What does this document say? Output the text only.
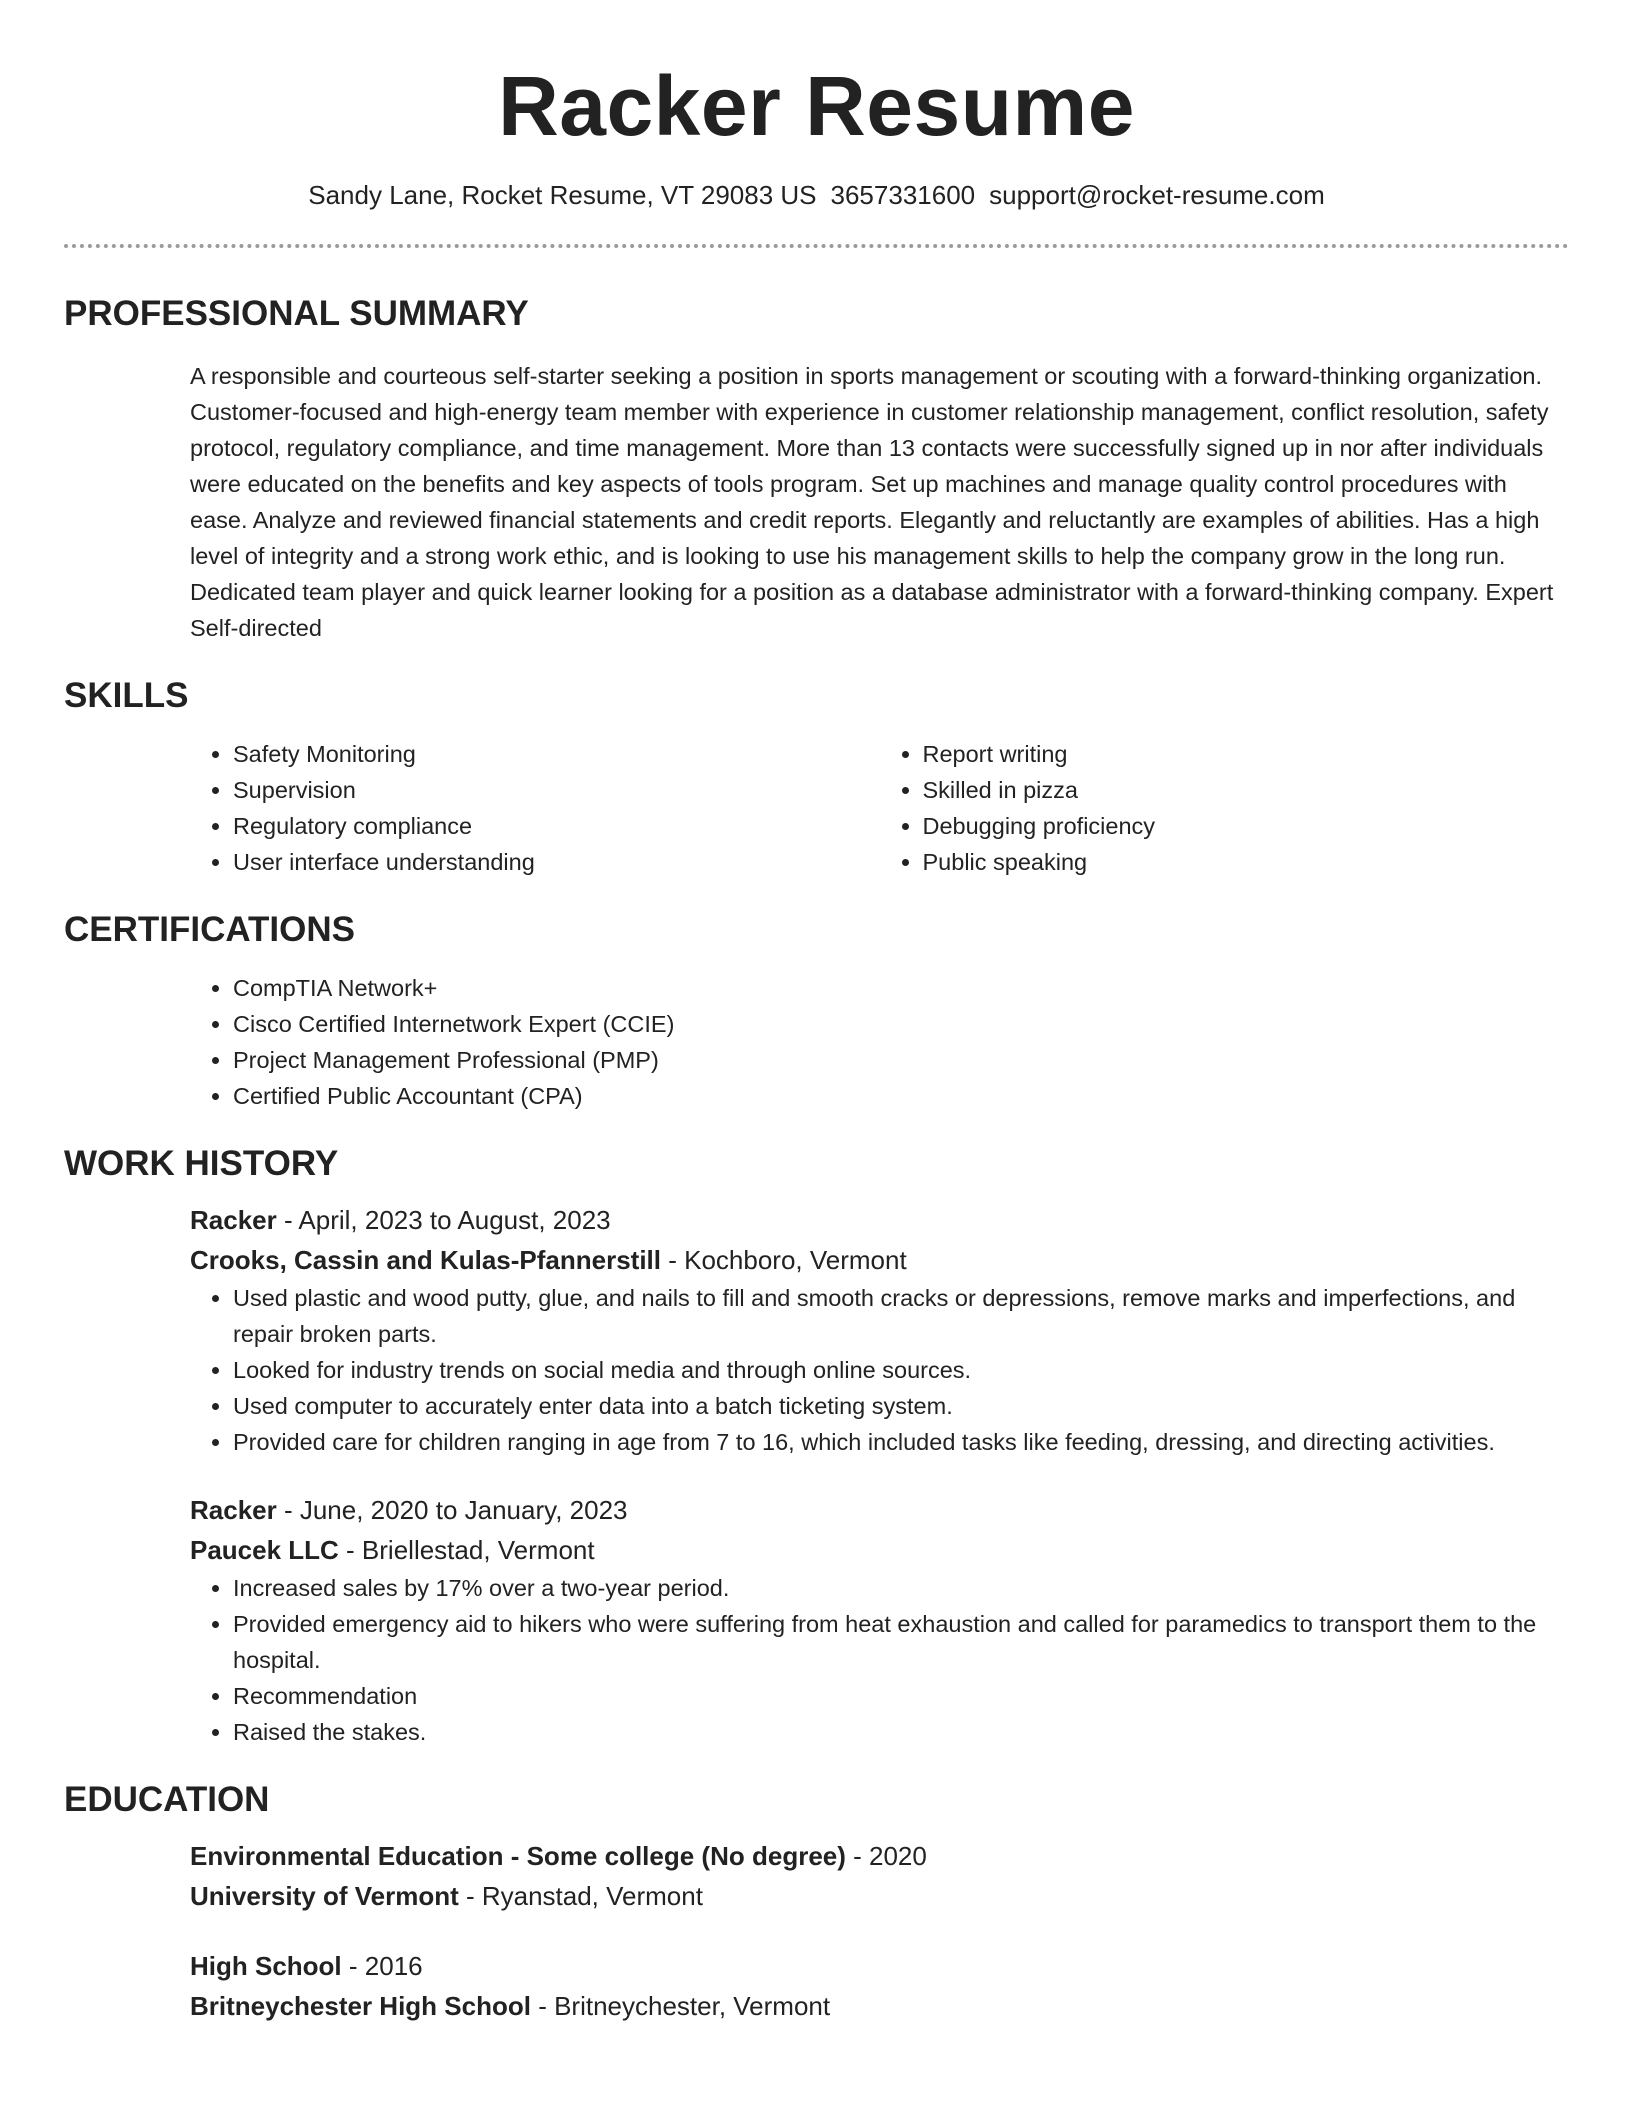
Racker Resume
Sandy Lane, Rocket Resume, VT 29083 US 3657331600 support@rocket-resume.com
PROFESSIONAL SUMMARY
A responsible and courteous self-starter seeking a position in sports management or scouting with a forward-thinking organization. Customer-focused and high-energy team member with experience in customer relationship management, conflict resolution, safety protocol, regulatory compliance, and time management. More than 13 contacts were successfully signed up in nor after individuals were educated on the benefits and key aspects of tools program. Set up machines and manage quality control procedures with ease. Analyze and reviewed financial statements and credit reports. Elegantly and reluctantly are examples of abilities. Has a high level of integrity and a strong work ethic, and is looking to use his management skills to help the company grow in the long run. Dedicated team player and quick learner looking for a position as a database administrator with a forward-thinking company. Expert Self-directed
SKILLS
• Safety Monitoring
• Supervision
• Regulatory compliance
• User interface understanding
• Report writing
• Skilled in pizza
• Debugging proficiency
• Public speaking
CERTIFICATIONS
• CompTIA Network+
• Cisco Certified Internetwork Expert (CCIE)
• Project Management Professional (PMP)
• Certified Public Accountant (CPA)
WORK HISTORY
Racker - April, 2023 to August, 2023
Crooks, Cassin and Kulas-Pfannerstill - Kochboro, Vermont
• Used plastic and wood putty, glue, and nails to fill and smooth cracks or depressions, remove marks and imperfections, and repair broken parts.
• Looked for industry trends on social media and through online sources.
• Used computer to accurately enter data into a batch ticketing system.
• Provided care for children ranging in age from 7 to 16, which included tasks like feeding, dressing, and directing activities.
Racker - June, 2020 to January, 2023
Paucek LLC - Briellestad, Vermont
• Increased sales by 17% over a two-year period.
• Provided emergency aid to hikers who were suffering from heat exhaustion and called for paramedics to transport them to the hospital.
• Recommendation
• Raised the stakes.
EDUCATION
Environmental Education - Some college (No degree) - 2020
University of Vermont - Ryanstad, Vermont
High School - 2016
Britneychester High School - Britneychester, Vermont
